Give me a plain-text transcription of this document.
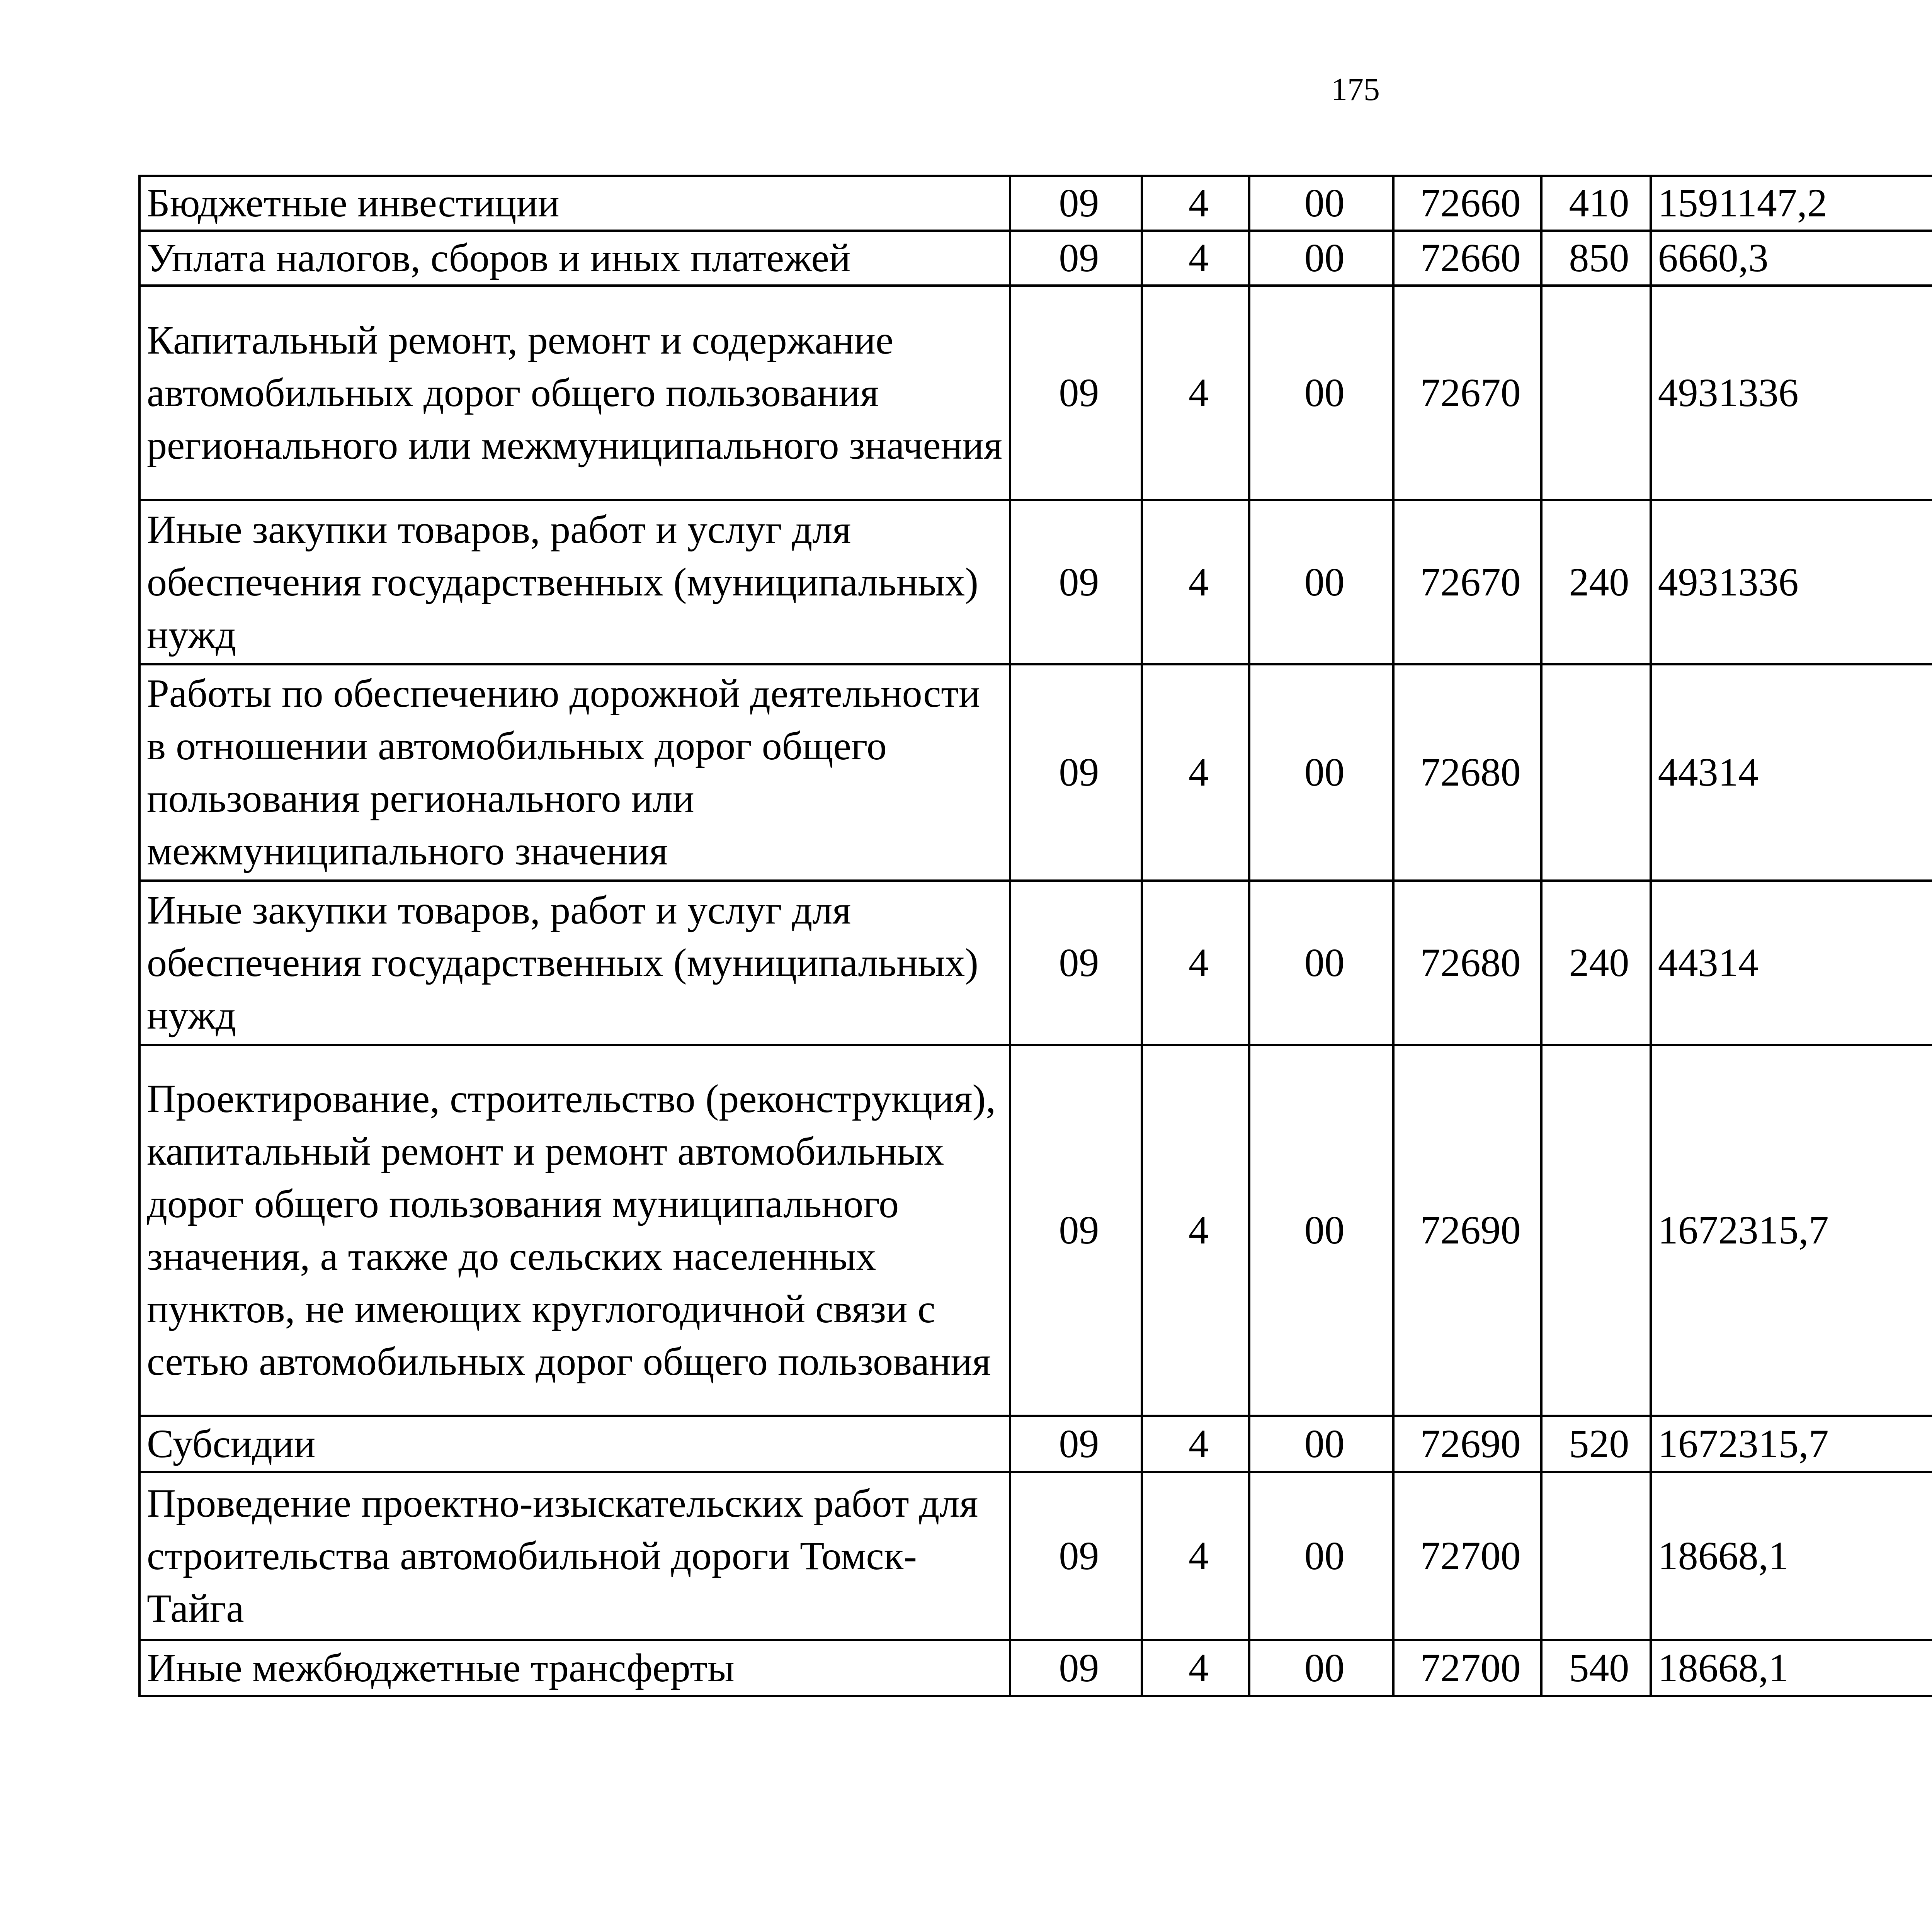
175
Бюджетные инвестиции	09	4	00	72660	410	1591147,2		
Уплата налогов, сборов и иных платежей	09	4	00	72660	850	6660,3		
Капитальный ремонт, ремонт и содержание автомобильных дорог общего пользования регионального или межмуниципального значения	09	4	00	72670		4931336		
Иные закупки товаров, работ и услуг для обеспечения государственных (муниципальных) нужд	09	4	00	72670	240	4931336		
Работы по обеспечению дорожной деятельности в отношении автомобильных дорог общего пользования регионального или межмуниципального значения	09	4	00	72680		44314		
Иные закупки товаров, работ и услуг для обеспечения государственных (муниципальных) нужд	09	4	00	72680	240	44314		
Проектирование, строительство (реконструкция), капитальный ремонт и ремонт автомобильных дорог общего пользования муниципального значения, а также до сельских населенных пунктов, не имеющих круглогодичной связи с сетью автомобильных дорог общего пользования	09	4	00	72690		1672315,7		
Субсидии	09	4	00	72690	520	1672315,7		
Проведение проектно-изыскательских работ для строительства автомобильной дороги Томск-Тайга	09	4	00	72700		18668,1		
Иные межбюджетные трансферты	09	4	00	72700	540	18668,1		
